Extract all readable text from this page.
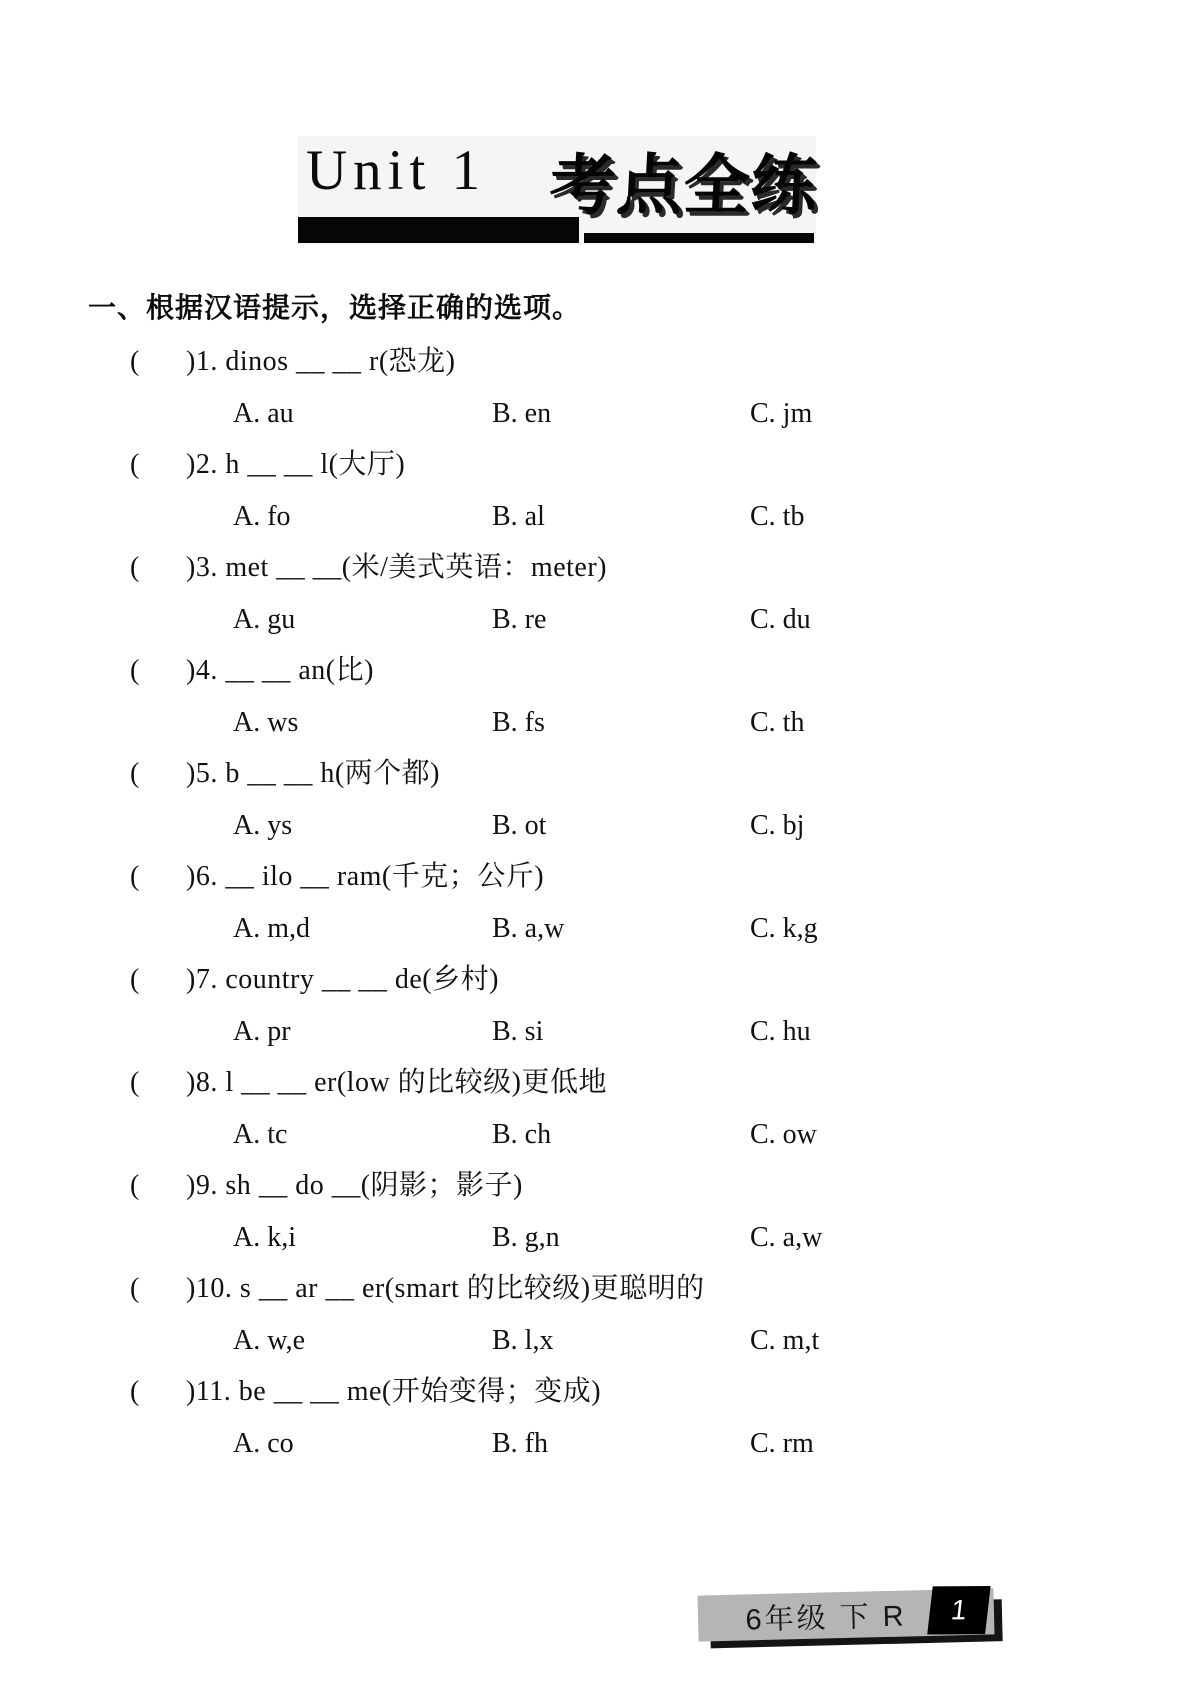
Unit 1 考点全练
一、根据汉语提示，选择正确的选项。
( )1. dinos __ __ r(恐龙)
A. au	B. en	C. jm
( )2. h __ __ l(大厅)
A. fo	B. al	C. tb
( )3. met __ __(米/美式英语：meter)
A. gu	B. re	C. du
( )4. __ __ an(比)
A. ws	B. fs	C. th
( )5. b __ __ h(两个都)
A. ys	B. ot	C. bj
( )6. __ ilo __ ram(千克；公斤)
A. m,d	B. a,w	C. k,g
( )7. country __ __ de(乡村)
A. pr	B. si	C. hu
( )8. l __ __ er(low 的比较级)更低地
A. tc	B. ch	C. ow
( )9. sh __ do __(阴影；影子)
A. k,i	B. g,n	C. a,w
( )10. s __ ar __ er(smart 的比较级)更聪明的
A. w,e	B. l,x	C. m,t
( )11. be __ __ me(开始变得；变成)
A. co	B. fh	C. rm
6年级 下 R	1
